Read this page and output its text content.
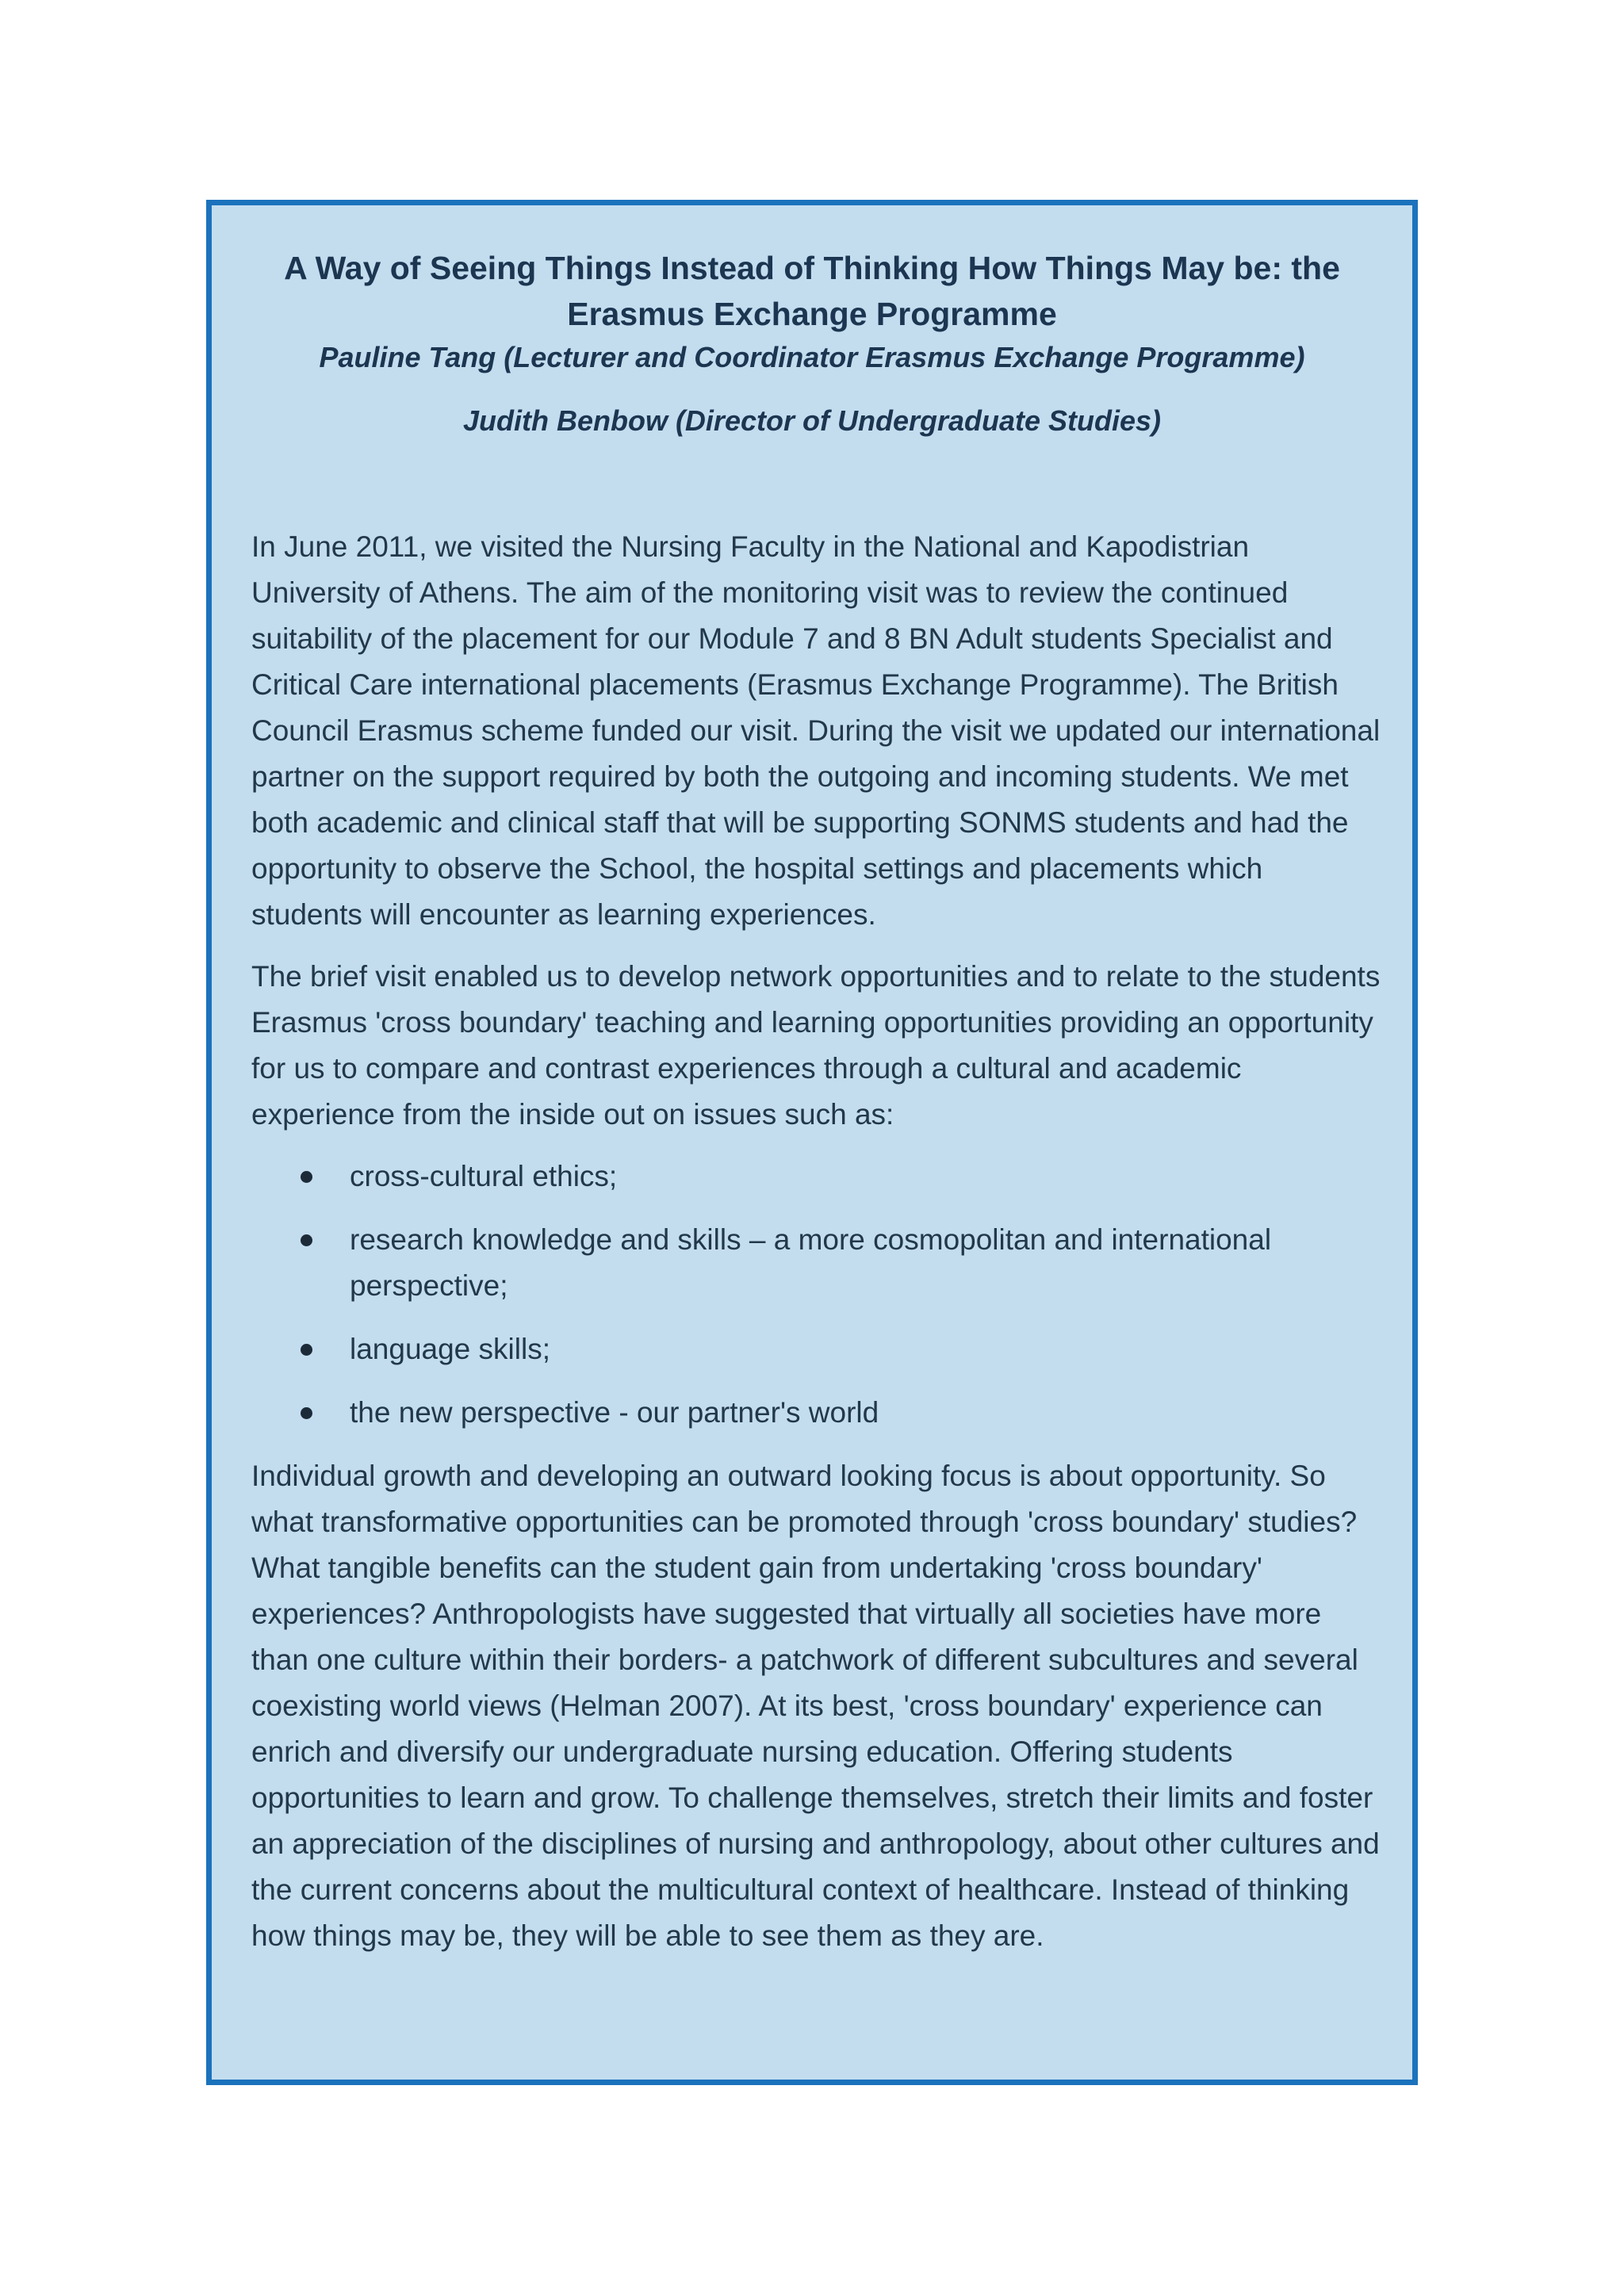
A Way of Seeing Things Instead of Thinking How Things May be: the Erasmus Exchange Programme
Pauline Tang (Lecturer and Coordinator Erasmus Exchange Programme)
Judith Benbow (Director of Undergraduate Studies)

In June 2011, we visited the Nursing Faculty in the National and Kapodistrian University of Athens. The aim of the monitoring visit was to review the continued suitability of the placement for our Module 7 and 8 BN Adult students Specialist and Critical Care international placements (Erasmus Exchange Programme). The British Council Erasmus scheme funded our visit. During the visit we updated our international partner on the support required by both the outgoing and incoming students. We met both academic and clinical staff that will be supporting SONMS students and had the opportunity to observe the School, the hospital settings and placements which students will encounter as learning experiences.

The brief visit enabled us to develop network opportunities and to relate to the students Erasmus 'cross boundary' teaching and learning opportunities providing an opportunity for us to compare and contrast experiences through a cultural and academic experience from the inside out on issues such as:

cross-cultural ethics;
research knowledge and skills – a more cosmopolitan and international perspective;
language skills;
the new perspective - our partner's world

Individual growth and developing an outward looking focus is about opportunity. So what transformative opportunities can be promoted through 'cross boundary' studies? What tangible benefits can the student gain from undertaking 'cross boundary' experiences? Anthropologists have suggested that virtually all societies have more than one culture within their borders- a patchwork of different subcultures and several coexisting world views (Helman 2007). At its best, 'cross boundary' experience can enrich and diversify our undergraduate nursing education. Offering students opportunities to learn and grow. To challenge themselves, stretch their limits and foster an appreciation of the disciplines of nursing and anthropology, about other cultures and the current concerns about the multicultural context of healthcare. Instead of thinking how things may be, they will be able to see them as they are.
